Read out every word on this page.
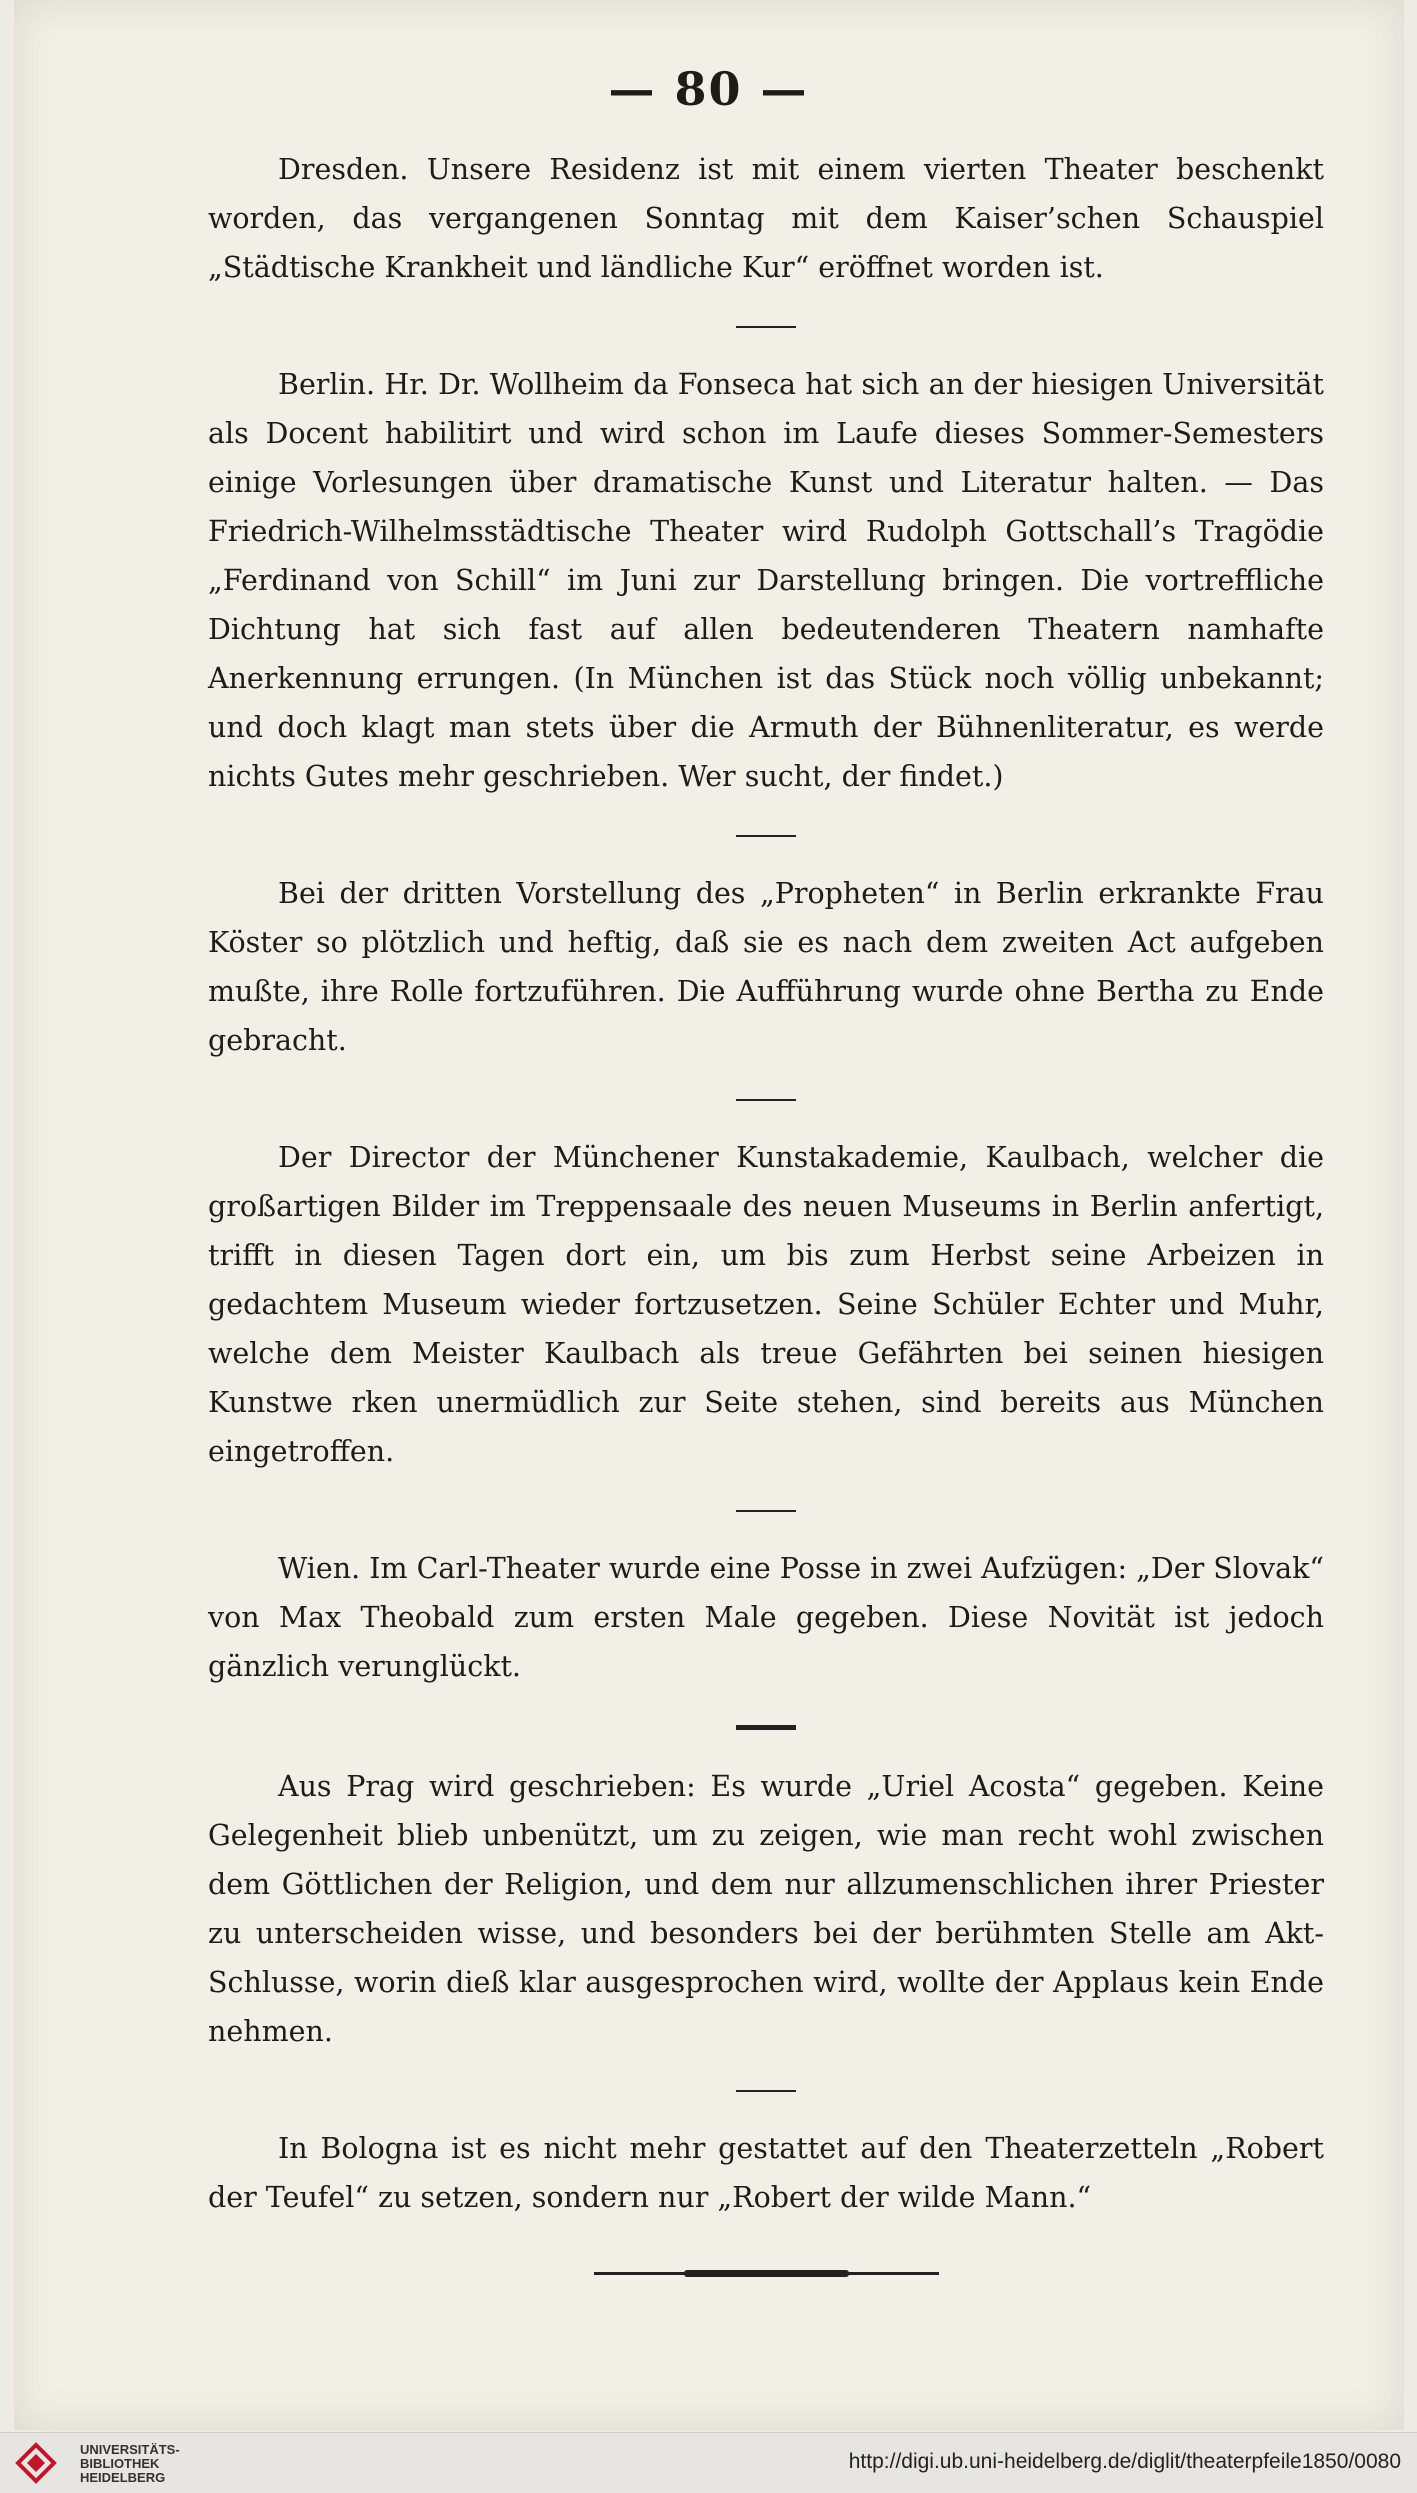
— 80 —

Dresden. Unsere Residenz ist mit einem vierten Theater beschenkt worden, das vergangenen Sonntag mit dem Kaiser’schen Schauspiel „Städtische Krankheit und ländliche Kur“ eröffnet worden ist.

Berlin. Hr. Dr. Wollheim da Fonseca hat sich an der hiesigen Universität als Docent habilitirt und wird schon im Laufe dieses Sommer-Semesters einige Vorlesungen über dramatische Kunst und Literatur halten. — Das Friedrich-Wilhelmsstädtische Theater wird Rudolph Gottschall’s Tragödie „Ferdinand von Schill“ im Juni zur Darstellung bringen. Die vortreffliche Dichtung hat sich fast auf allen bedeutenderen Theatern namhafte Anerkennung errungen. (In München ist das Stück noch völlig unbekannt; und doch klagt man stets über die Armuth der Bühnenliteratur, es werde nichts Gutes mehr geschrieben. Wer sucht, der findet.)

Bei der dritten Vorstellung des „Propheten“ in Berlin erkrankte Frau Köster so plötzlich und heftig, daß sie es nach dem zweiten Act aufgeben mußte, ihre Rolle fortzuführen. Die Aufführung wurde ohne Bertha zu Ende gebracht.

Der Director der Münchener Kunstakademie, Kaulbach, welcher die großartigen Bilder im Treppensaale des neuen Museums in Berlin anfertigt, trifft in diesen Tagen dort ein, um bis zum Herbst seine Arbeizen in gedachtem Museum wieder fortzusetzen. Seine Schüler Echter und Muhr, welche dem Meister Kaulbach als treue Gefährten bei seinen hiesigen Kunstwe rken unermüdlich zur Seite stehen, sind bereits aus München eingetroffen.

Wien. Im Carl-Theater wurde eine Posse in zwei Aufzügen: „Der Slovak“ von Max Theobald zum ersten Male gegeben. Diese Novität ist jedoch gänzlich verunglückt.

Aus Prag wird geschrieben: Es wurde „Uriel Acosta“ gegeben. Keine Gelegenheit blieb unbenützt, um zu zeigen, wie man recht wohl zwischen dem Göttlichen der Religion, und dem nur allzumenschlichen ihrer Priester zu unterscheiden wisse, und besonders bei der berühmten Stelle am Akt-Schlusse, worin dieß klar ausgesprochen wird, wollte der Applaus kein Ende nehmen.

In Bologna ist es nicht mehr gestattet auf den Theaterzetteln „Robert der Teufel“ zu setzen, sondern nur „Robert der wilde Mann.“

UNIVERSITÄTS-
BIBLIOTHEK
HEIDELBERG
http://digi.ub.uni-heidelberg.de/diglit/theaterpfeile1850/0080
